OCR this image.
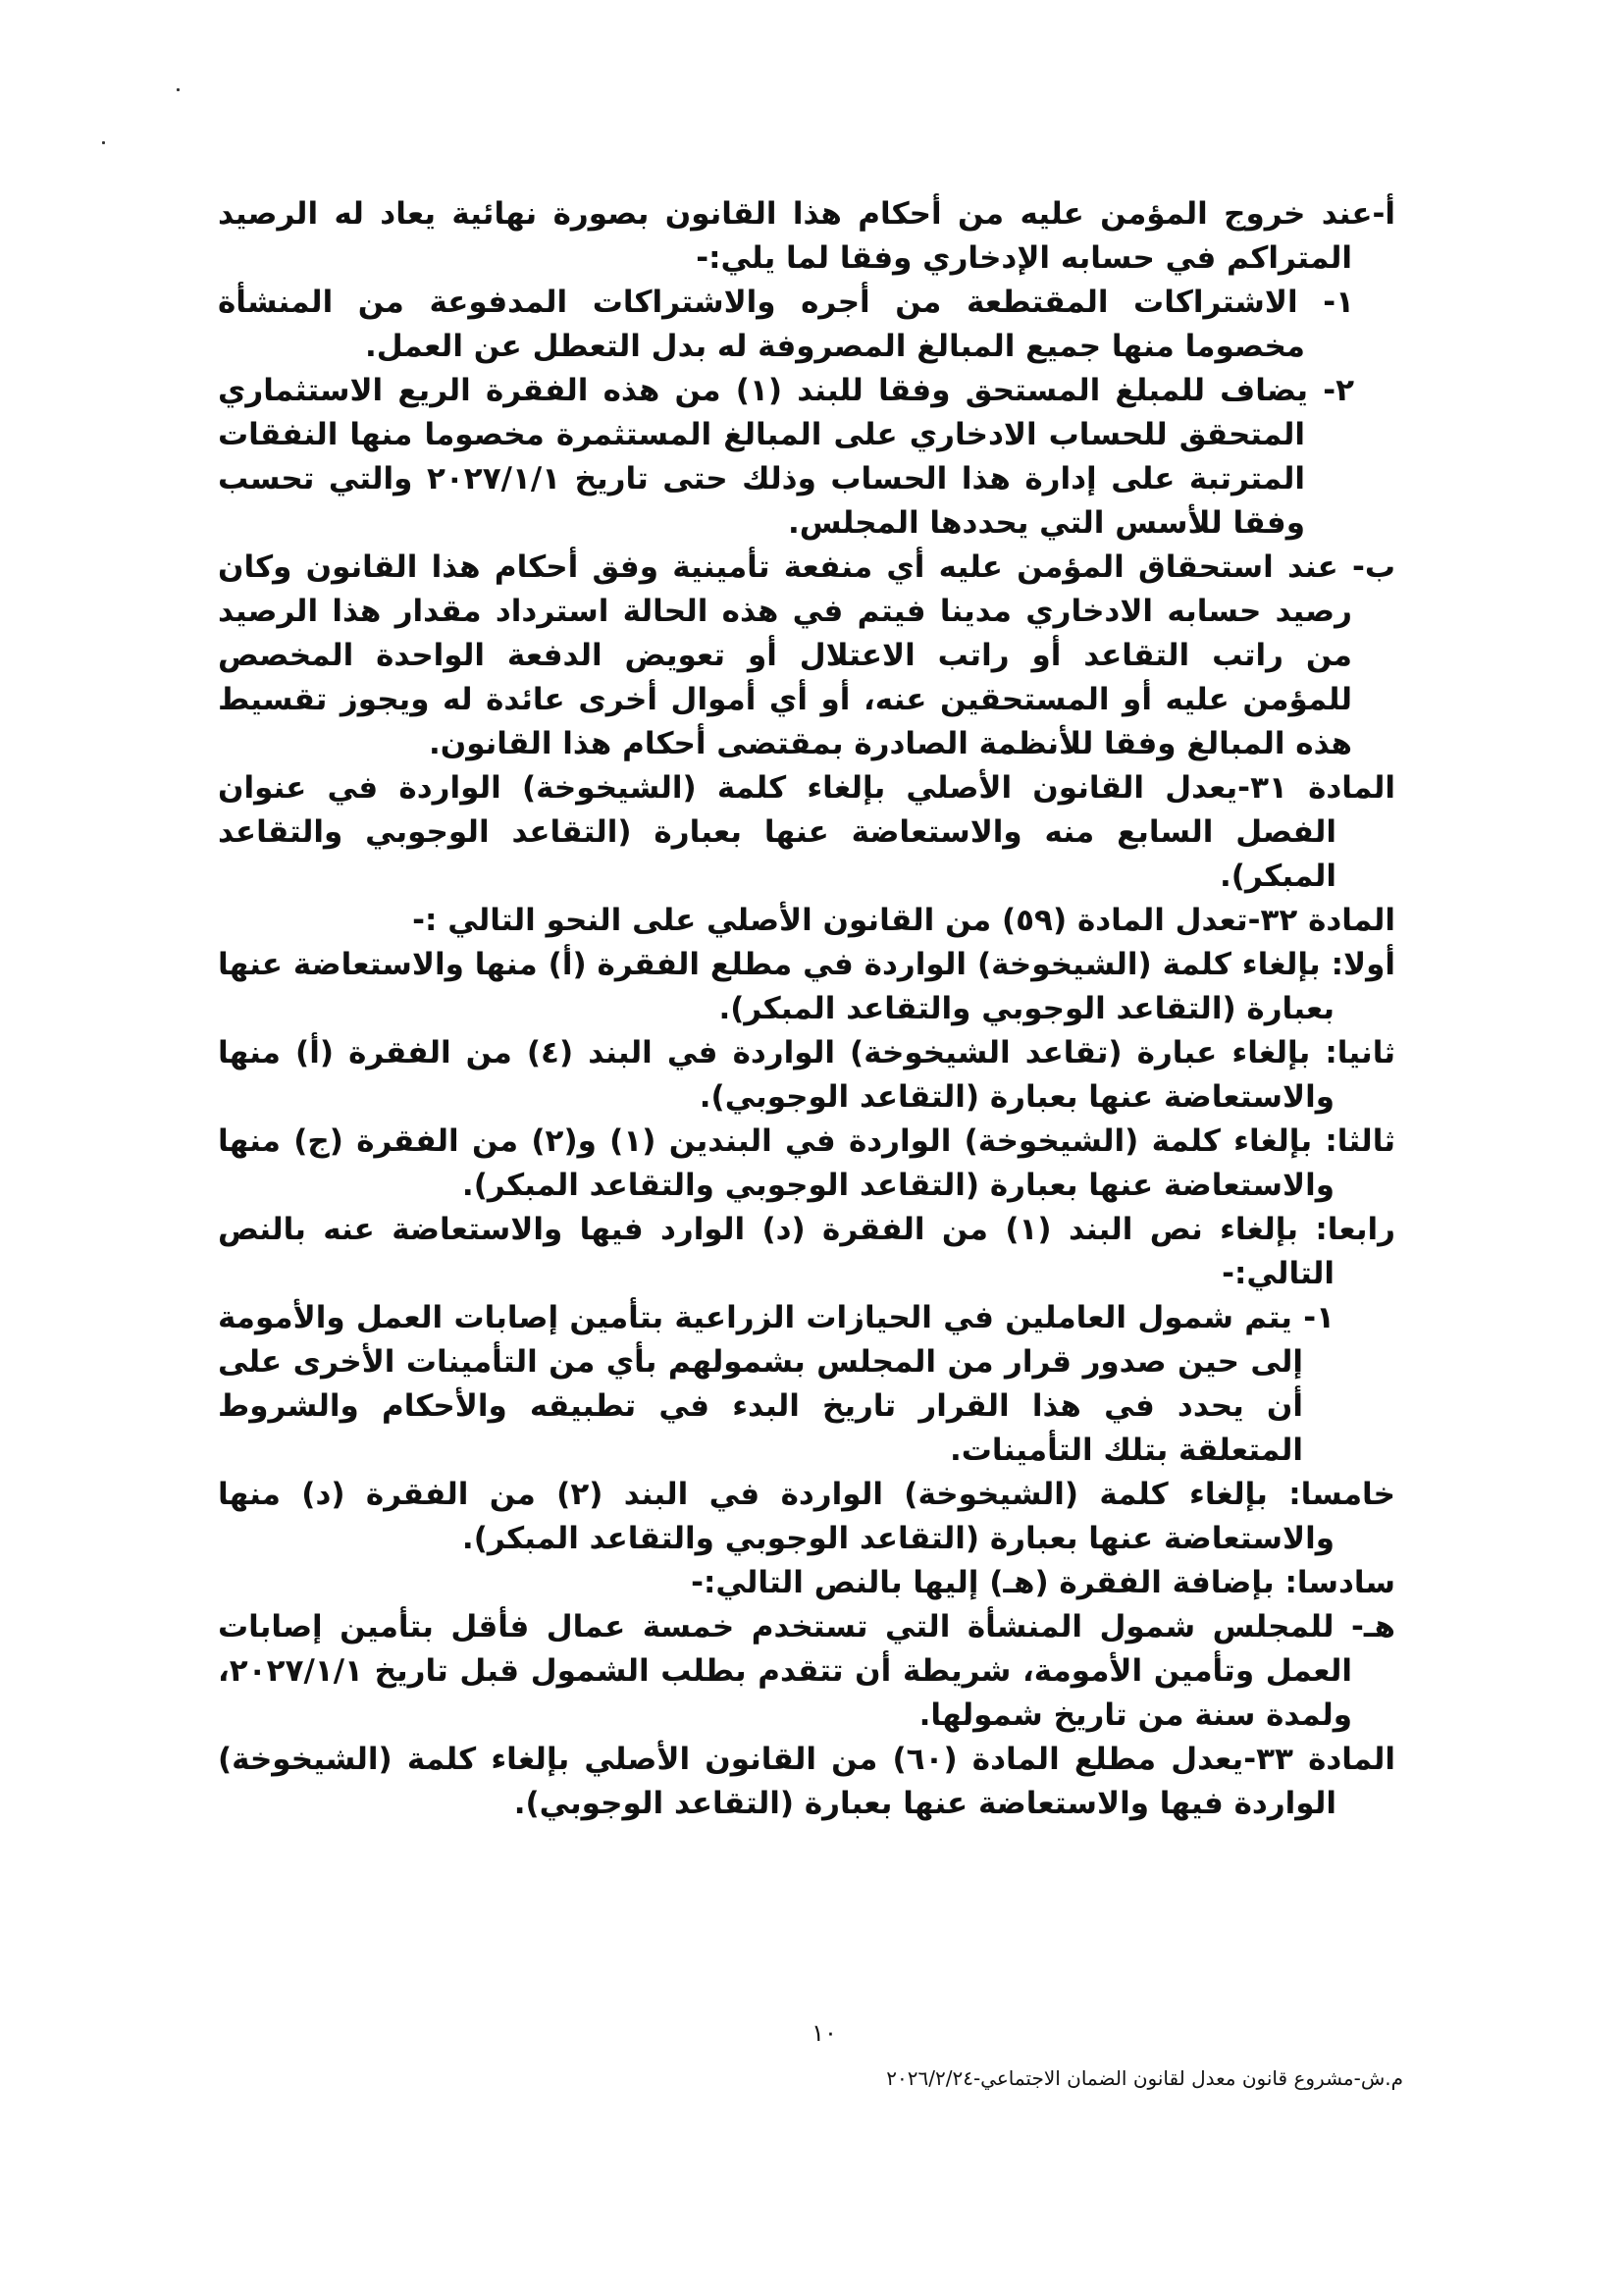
أ-عند خروج المؤمن عليه من أحكام هذا القانون بصورة نهائية يعاد له الرصيد المتراكم في حسابه الإدخاري وفقا لما يلي:-

١- الاشتراكات المقتطعة من أجره والاشتراكات المدفوعة من المنشأة مخصوما منها جميع المبالغ المصروفة له بدل التعطل عن العمل.

٢- يضاف للمبلغ المستحق وفقا للبند (١) من هذه الفقرة الريع الاستثماري المتحقق للحساب الادخاري على المبالغ المستثمرة مخصوما منها النفقات المترتبة على إدارة هذا الحساب وذلك حتى تاريخ ٢٠٢٧/١/١ والتي تحسب وفقا للأسس التي يحددها المجلس.

ب- عند استحقاق المؤمن عليه أي منفعة تأمينية وفق أحكام هذا القانون وكان رصيد حسابه الادخاري مدينا فيتم في هذه الحالة استرداد مقدار هذا الرصيد من راتب التقاعد أو راتب الاعتلال أو تعويض الدفعة الواحدة المخصص للمؤمن عليه أو المستحقين عنه، أو أي أموال أخرى عائدة له ويجوز تقسيط هذه المبالغ وفقا للأنظمة الصادرة بمقتضى أحكام هذا القانون.

المادة ٣١-يعدل القانون الأصلي بإلغاء كلمة (الشيخوخة) الواردة في عنوان الفصل السابع منه والاستعاضة عنها بعبارة (التقاعد الوجوبي والتقاعد المبكر).

المادة ٣٢-تعدل المادة (٥٩) من القانون الأصلي على النحو التالي :-

أولا: بإلغاء كلمة (الشيخوخة) الواردة في مطلع الفقرة (أ) منها والاستعاضة عنها بعبارة (التقاعد الوجوبي والتقاعد المبكر).

ثانيا: بإلغاء عبارة (تقاعد الشيخوخة) الواردة في البند (٤) من الفقرة (أ) منها والاستعاضة عنها بعبارة (التقاعد الوجوبي).

ثالثا: بإلغاء كلمة (الشيخوخة) الواردة في البندين (١) و(٢) من الفقرة (ج) منها والاستعاضة عنها بعبارة (التقاعد الوجوبي والتقاعد المبكر).

رابعا: بإلغاء نص البند (١) من الفقرة (د) الوارد فيها والاستعاضة عنه بالنص التالي:-

١- يتم شمول العاملين في الحيازات الزراعية بتأمين إصابات العمل والأمومة إلى حين صدور قرار من المجلس بشمولهم بأي من التأمينات الأخرى على أن يحدد في هذا القرار تاريخ البدء في تطبيقه والأحكام والشروط المتعلقة بتلك التأمينات.

خامسا: بإلغاء كلمة (الشيخوخة) الواردة في البند (٢) من الفقرة (د) منها والاستعاضة عنها بعبارة (التقاعد الوجوبي والتقاعد المبكر).

سادسا: بإضافة الفقرة (هـ) إليها بالنص التالي:-

هـ- للمجلس شمول المنشأة التي تستخدم خمسة عمال فأقل بتأمين إصابات العمل وتأمين الأمومة، شريطة أن تتقدم بطلب الشمول قبل تاريخ ٢٠٢٧/١/١، ولمدة سنة من تاريخ شمولها.

المادة ٣٣-يعدل مطلع المادة (٦٠) من القانون الأصلي بإلغاء كلمة (الشيخوخة) الواردة فيها والاستعاضة عنها بعبارة (التقاعد الوجوبي).

١٠
م.ش-مشروع قانون معدل لقانون الضمان الاجتماعي-٢٠٢٦/٢/٢٤
